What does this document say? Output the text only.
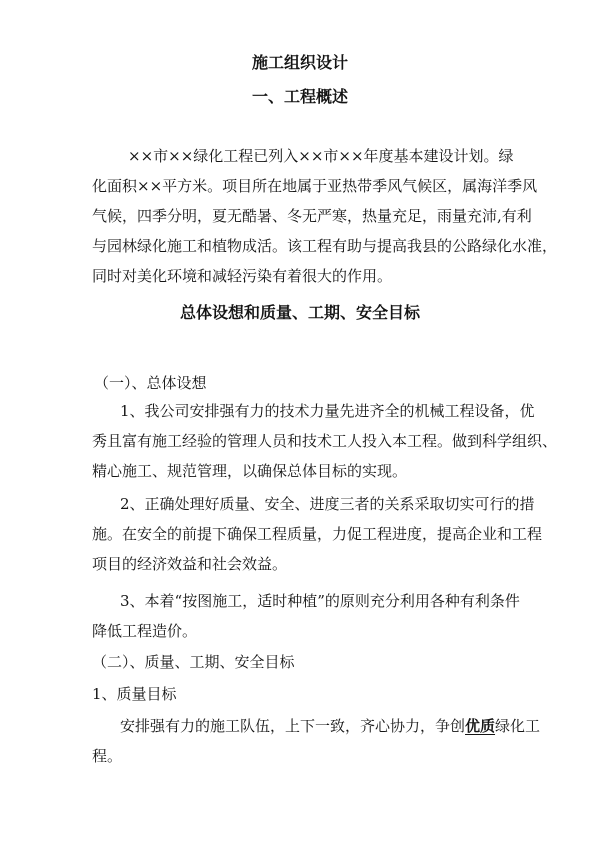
施工组织设计
一、工程概述
××市××绿化工程已列入××市××年度基本建设计划。绿
化面积××平方米。项目所在地属于亚热带季风气候区，属海洋季风
气候，四季分明，夏无酷暑、冬无严寒，热量充足，雨量充沛,有利
与园林绿化施工和植物成活。该工程有助与提高我县的公路绿化水准，
同时对美化环境和减轻污染有着很大的作用。
总体设想和质量、工期、安全目标
（一）、总体设想
1、我公司安排强有力的技术力量先进齐全的机械工程设备，优
秀且富有施工经验的管理人员和技术工人投入本工程。做到科学组织、
精心施工、规范管理，以确保总体目标的实现。
2、正确处理好质量、安全、进度三者的关系采取切实可行的措
施。在安全的前提下确保工程质量，力促工程进度，提高企业和工程
项目的经济效益和社会效益。
3、本着“按图施工，适时种植”的原则充分利用各种有利条件
降低工程造价。
（二）、质量、工期、安全目标
1、质量目标
安排强有力的施工队伍，上下一致，齐心协力，争创优质绿化工
程。
